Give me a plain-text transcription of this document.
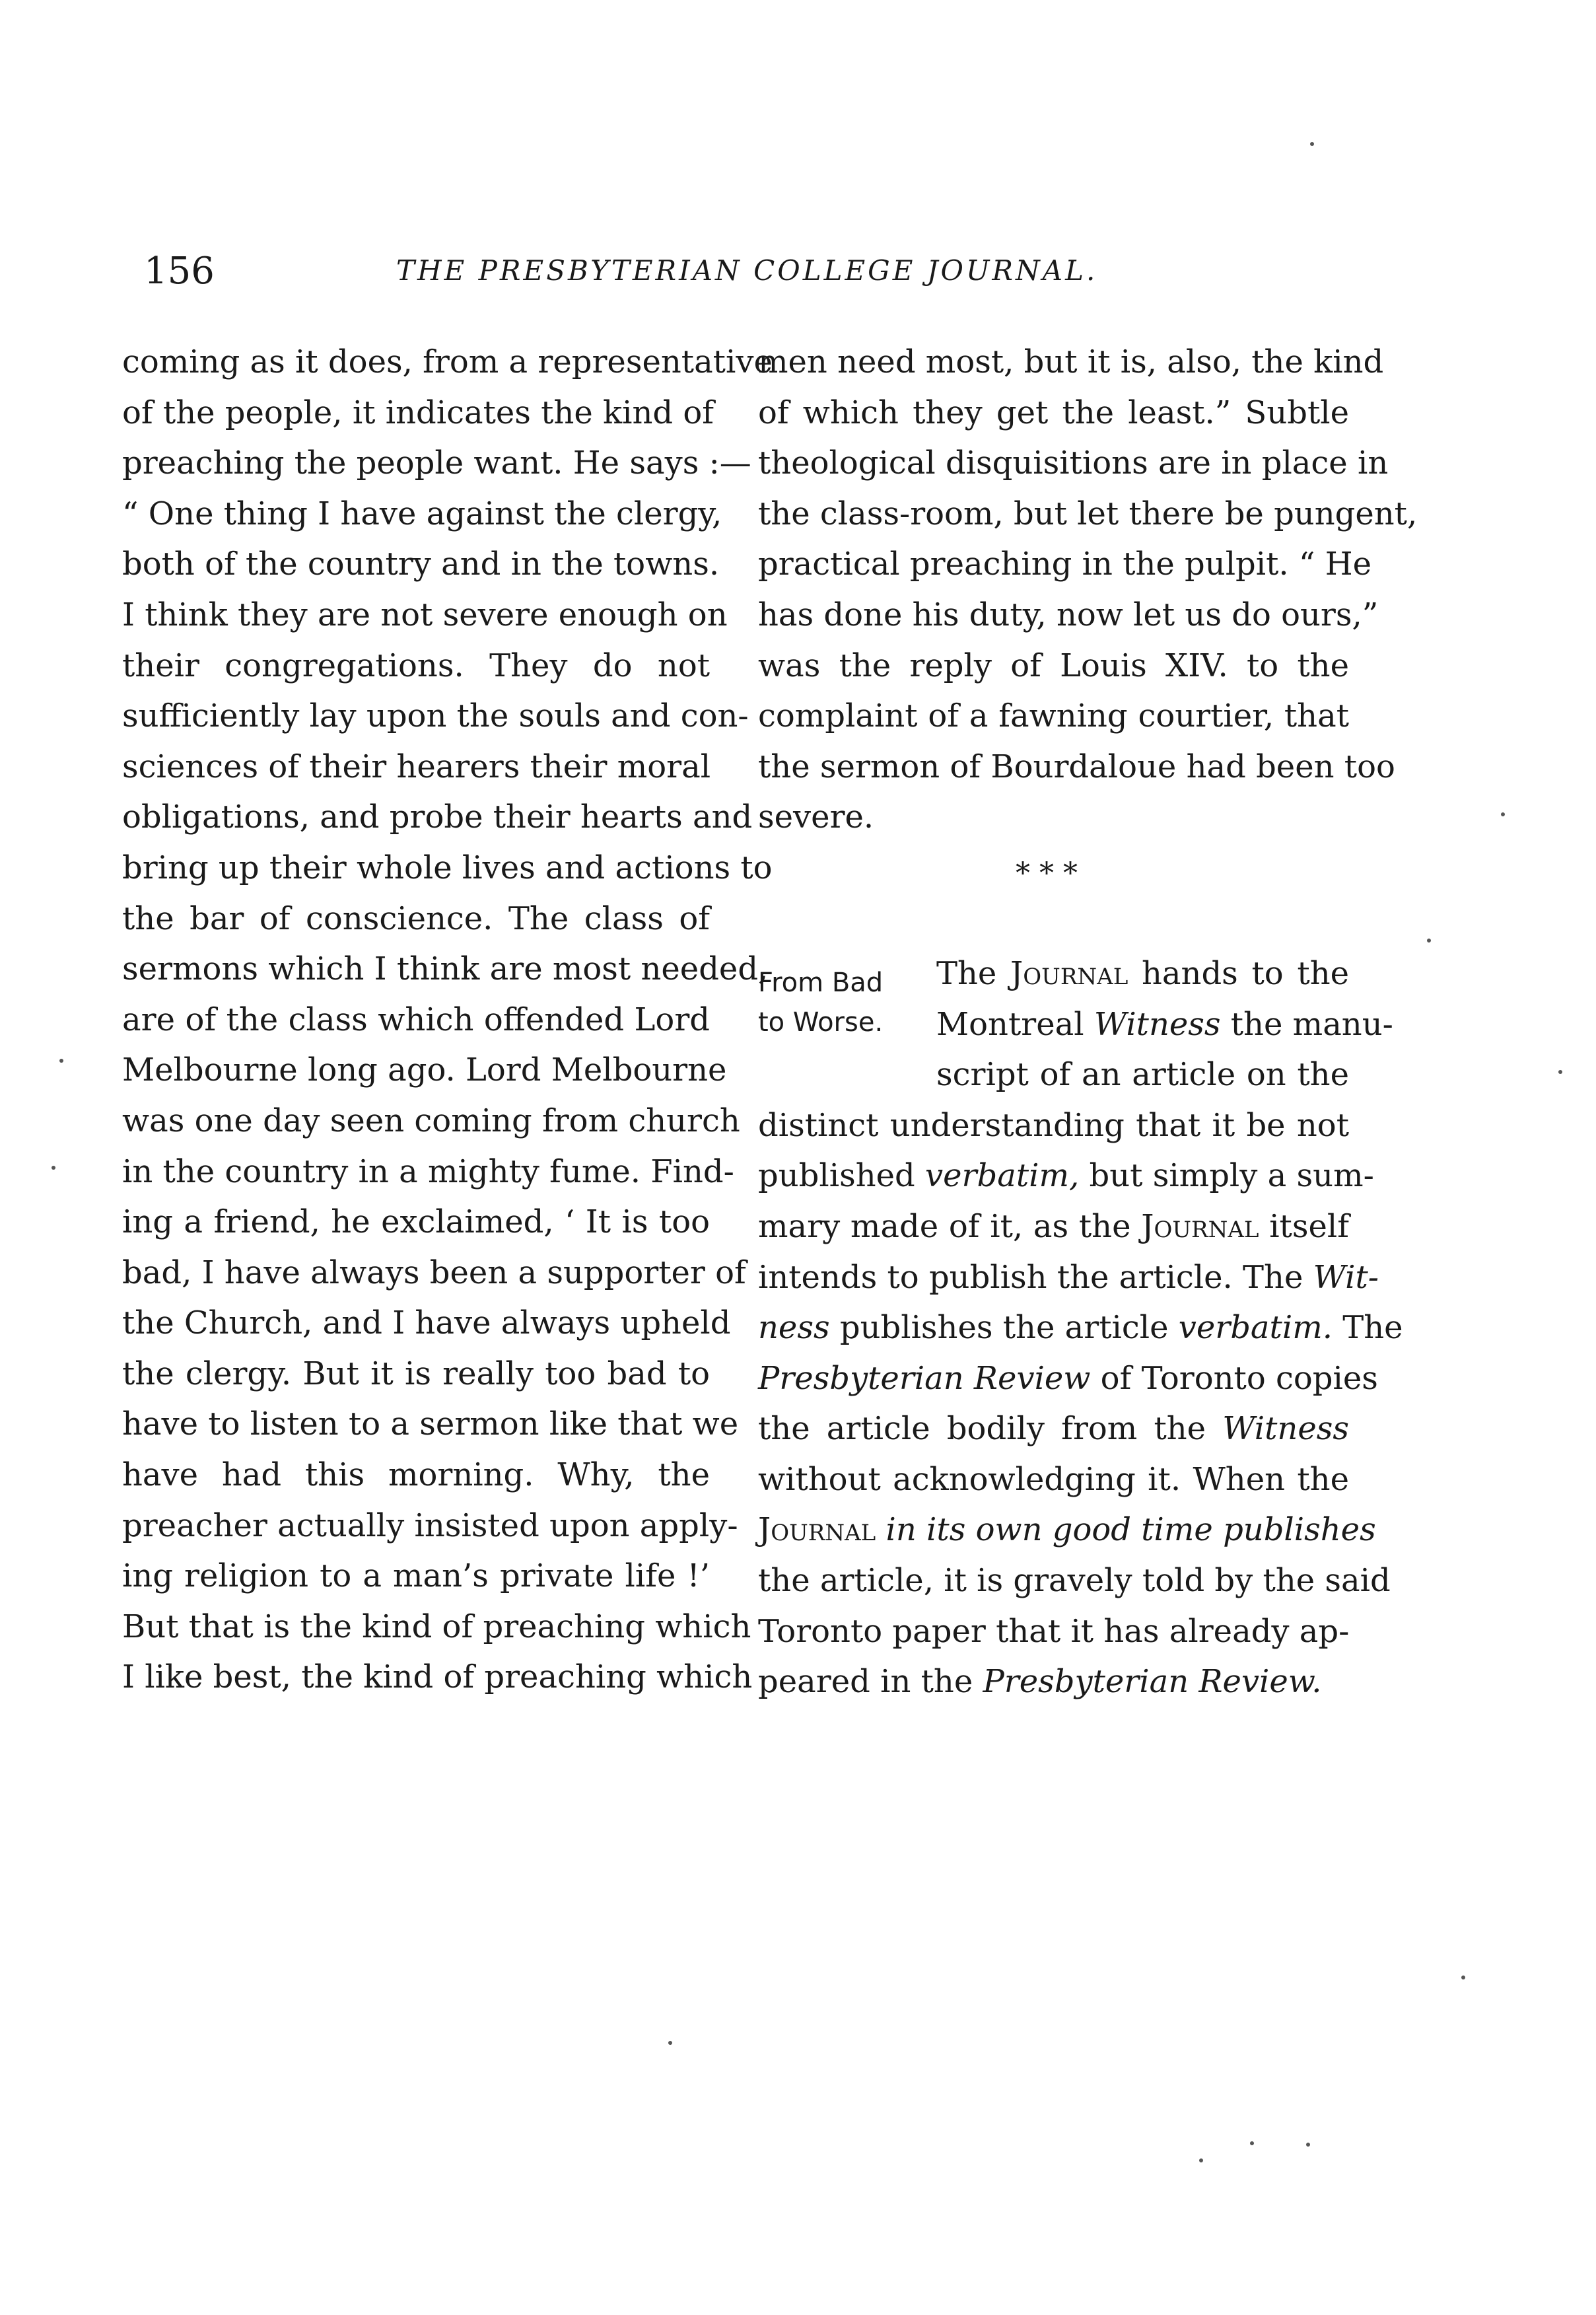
156	THE PRESBYTERIAN COLLEGE JOURNAL.
coming as it does, from a representative
of the people, it indicates the kind of
preaching the people want. He says :—
“ One thing I have against the clergy,
both of the country and in the towns.
I think they are not severe enough on
their congregations. They do not
sufficiently lay upon the souls and con-
sciences of their hearers their moral
obligations, and probe their hearts and
bring up their whole lives and actions to
the bar of conscience. The class of
sermons which I think are most needed,
are of the class which offended Lord
Melbourne long ago. Lord Melbourne
was one day seen coming from church
in the country in a mighty fume. Find-
ing a friend, he exclaimed, ‘ It is too
bad, I have always been a supporter of
the Church, and I have always upheld
the clergy. But it is really too bad to
have to listen to a sermon like that we
have had this morning. Why, the
preacher actually insisted upon apply-
ing religion to a man’s private life !’
But that is the kind of preaching which
I like best, the kind of preaching which
men need most, but it is, also, the kind
of which they get the least.” Subtle
theological disquisitions are in place in
the class-room, but let there be pungent,
practical preaching in the pulpit. “ He
has done his duty, now let us do ours,”
was the reply of Louis XIV. to the
complaint of a fawning courtier, that
the sermon of Bourdaloue had been too
severe.
* * *
From Bad
to Worse.
The Journal hands to the
Montreal Witness the manu-
script of an article on the
distinct understanding that it be not
published verbatim, but simply a sum-
mary made of it, as the Journal itself
intends to publish the article. The Wit-
ness publishes the article verbatim. The
Presbyterian Review of Toronto copies
the article bodily from the Witness
without acknowledging it. When the
Journal in its own good time publishes
the article, it is gravely told by the said
Toronto paper that it has already ap-
peared in the Presbyterian Review.
